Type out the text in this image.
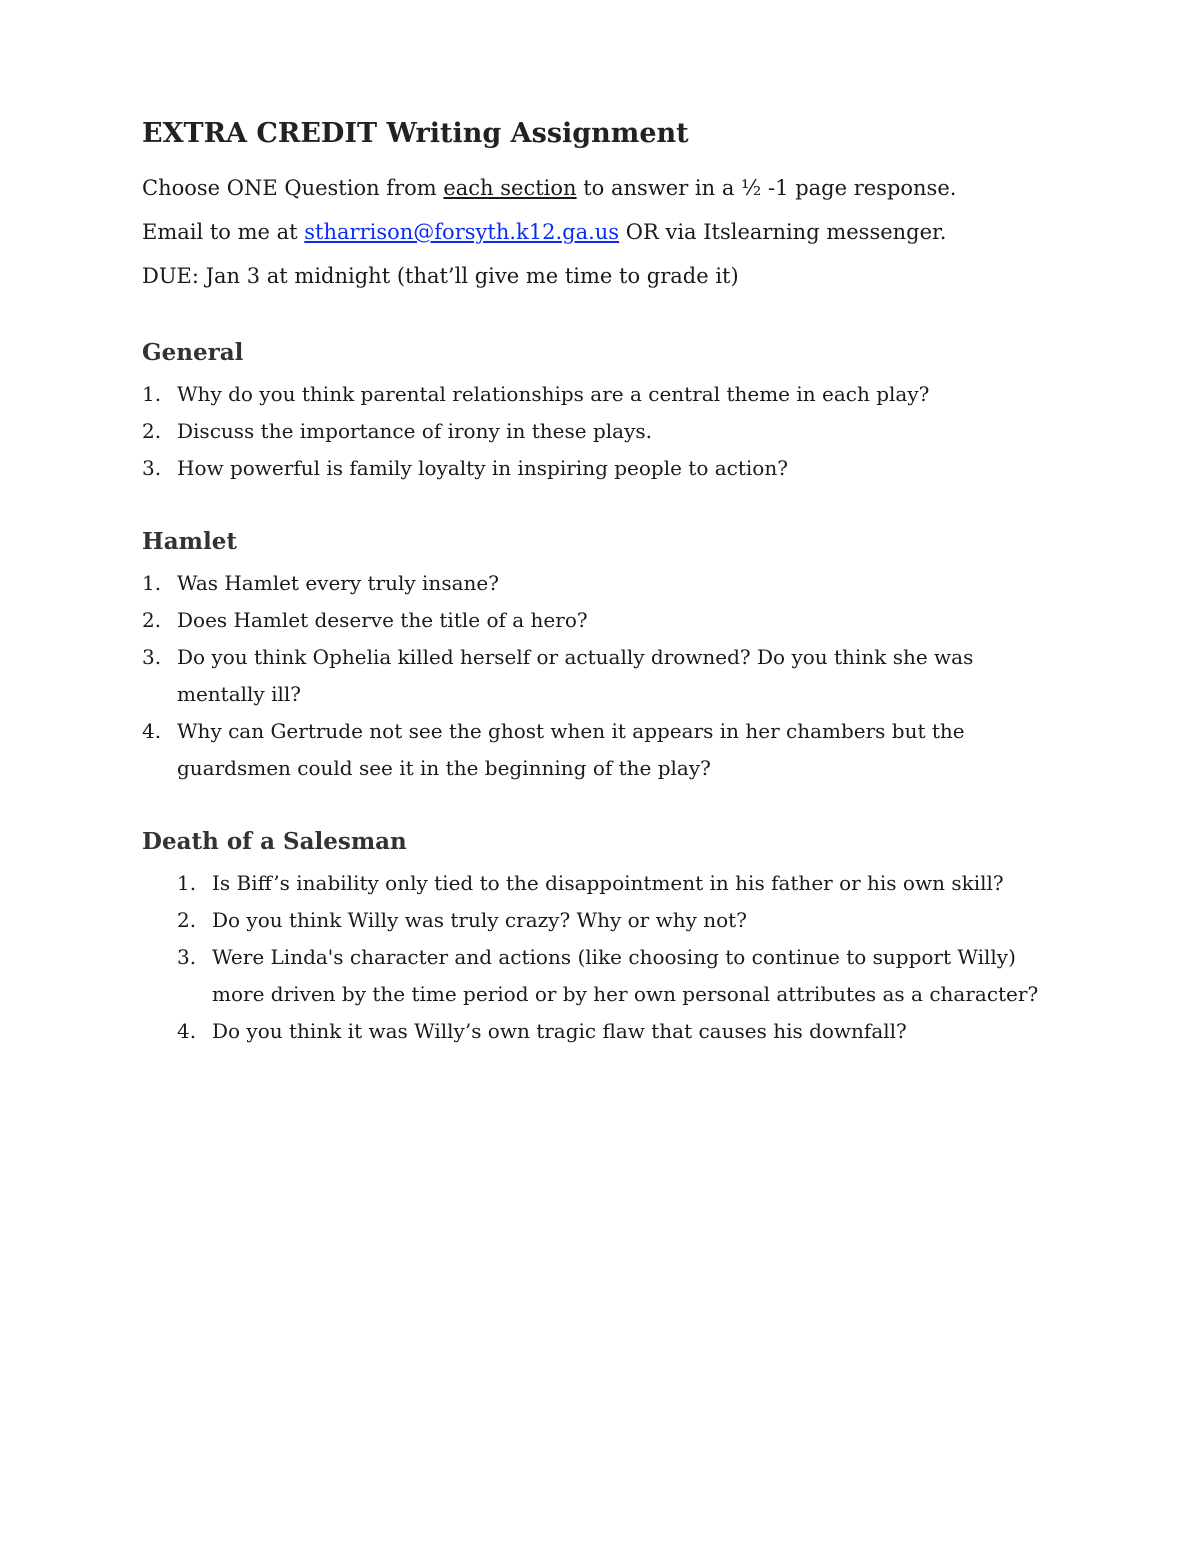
EXTRA CREDIT Writing Assignment

Choose ONE Question from each section to answer in a ½ -1 page response.

Email to me at stharrison@forsyth.k12.ga.us OR via Itslearning messenger.

DUE: Jan 3 at midnight (that’ll give me time to grade it)

General
1. Why do you think parental relationships are a central theme in each play?
2. Discuss the importance of irony in these plays.
3. How powerful is family loyalty in inspiring people to action?
Hamlet
1. Was Hamlet every truly insane?
2. Does Hamlet deserve the title of a hero?
3. Do you think Ophelia killed herself or actually drowned? Do you think she was mentally ill?
4. Why can Gertrude not see the ghost when it appears in her chambers but the guardsmen could see it in the beginning of the play?
Death of a Salesman
1. Is Biff’s inability only tied to the disappointment in his father or his own skill?
2. Do you think Willy was truly crazy? Why or why not?
3. Were Linda's character and actions (like choosing to continue to support Willy) more driven by the time period or by her own personal attributes as a character?
4. Do you think it was Willy’s own tragic flaw that causes his downfall?
